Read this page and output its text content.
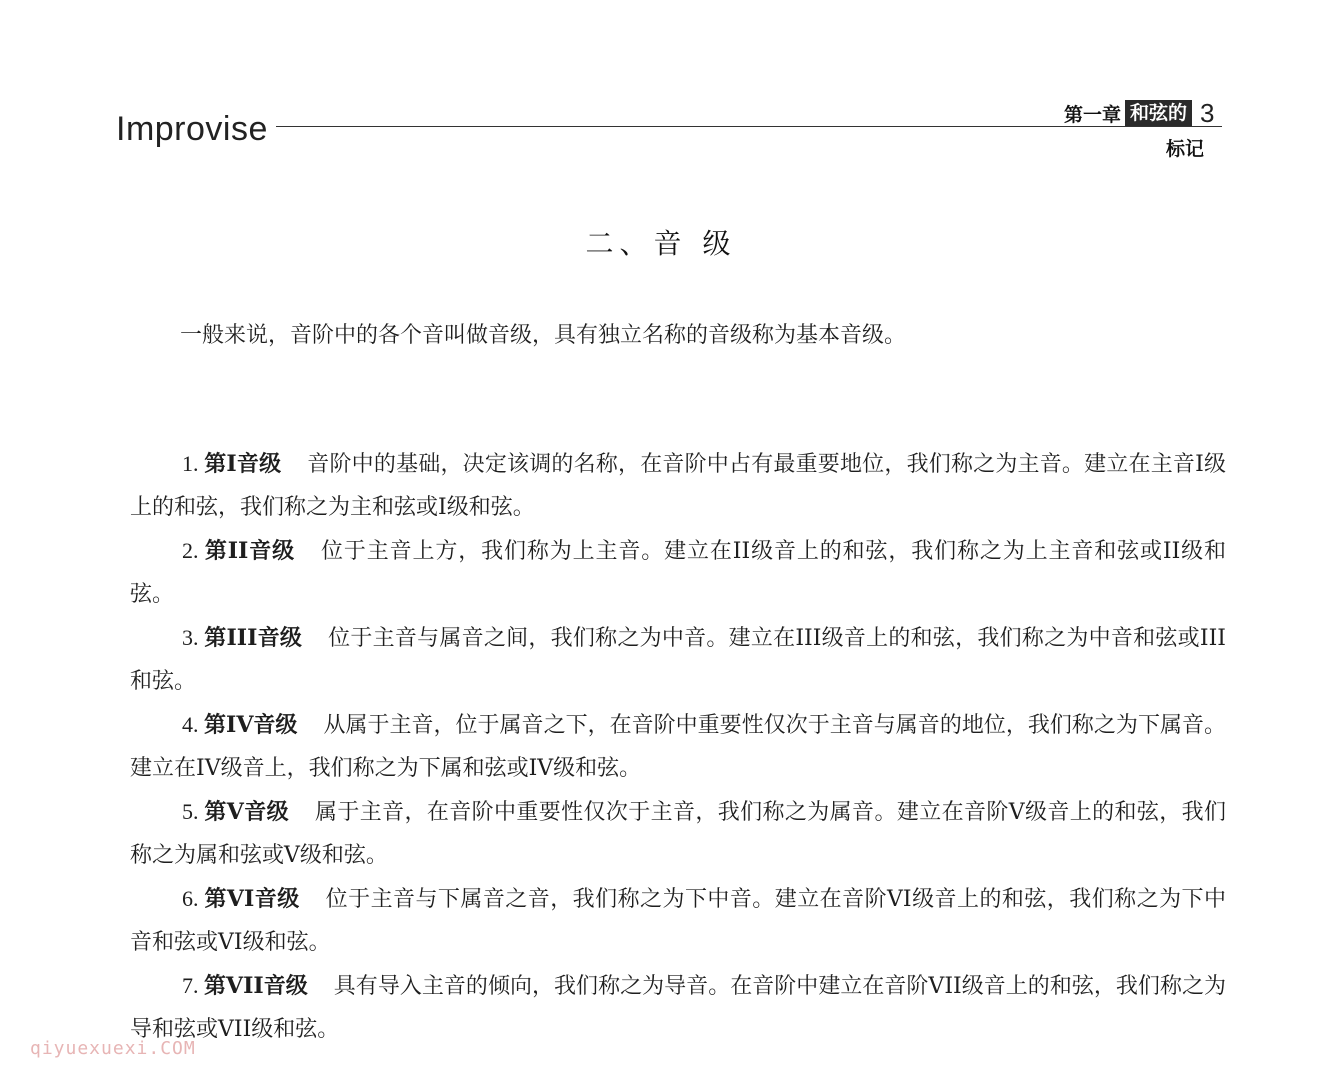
Improvise	第一章 和弦的 3
标记
二、音 级
一般来说，音阶中的各个音叫做音级，具有独立名称的音级称为基本音级。

1. 第I音级 音阶中的基础，决定该调的名称，在音阶中占有最重要地位，我们称之为主音。建立在主音I级上的和弦，我们称之为主和弦或I级和弦。

2. 第II音级 位于主音上方，我们称为上主音。建立在II级音上的和弦，我们称之为上主音和弦或II级和弦。

3. 第III音级 位于主音与属音之间，我们称之为中音。建立在III级音上的和弦，我们称之为中音和弦或III和弦。

4. 第IV音级 从属于主音，位于属音之下，在音阶中重要性仅次于主音与属音的地位，我们称之为下属音。建立在IV级音上，我们称之为下属和弦或IV级和弦。

5. 第V音级 属于主音，在音阶中重要性仅次于主音，我们称之为属音。建立在音阶V级音上的和弦，我们称之为属和弦或V级和弦。

6. 第VI音级 位于主音与下属音之音，我们称之为下中音。建立在音阶VI级音上的和弦，我们称之为下中音和弦或VI级和弦。

7. 第VII音级 具有导入主音的倾向，我们称之为导音。在音阶中建立在音阶VII级音上的和弦，我们称之为导和弦或VII级和弦。

qiyuexuexi.COM
